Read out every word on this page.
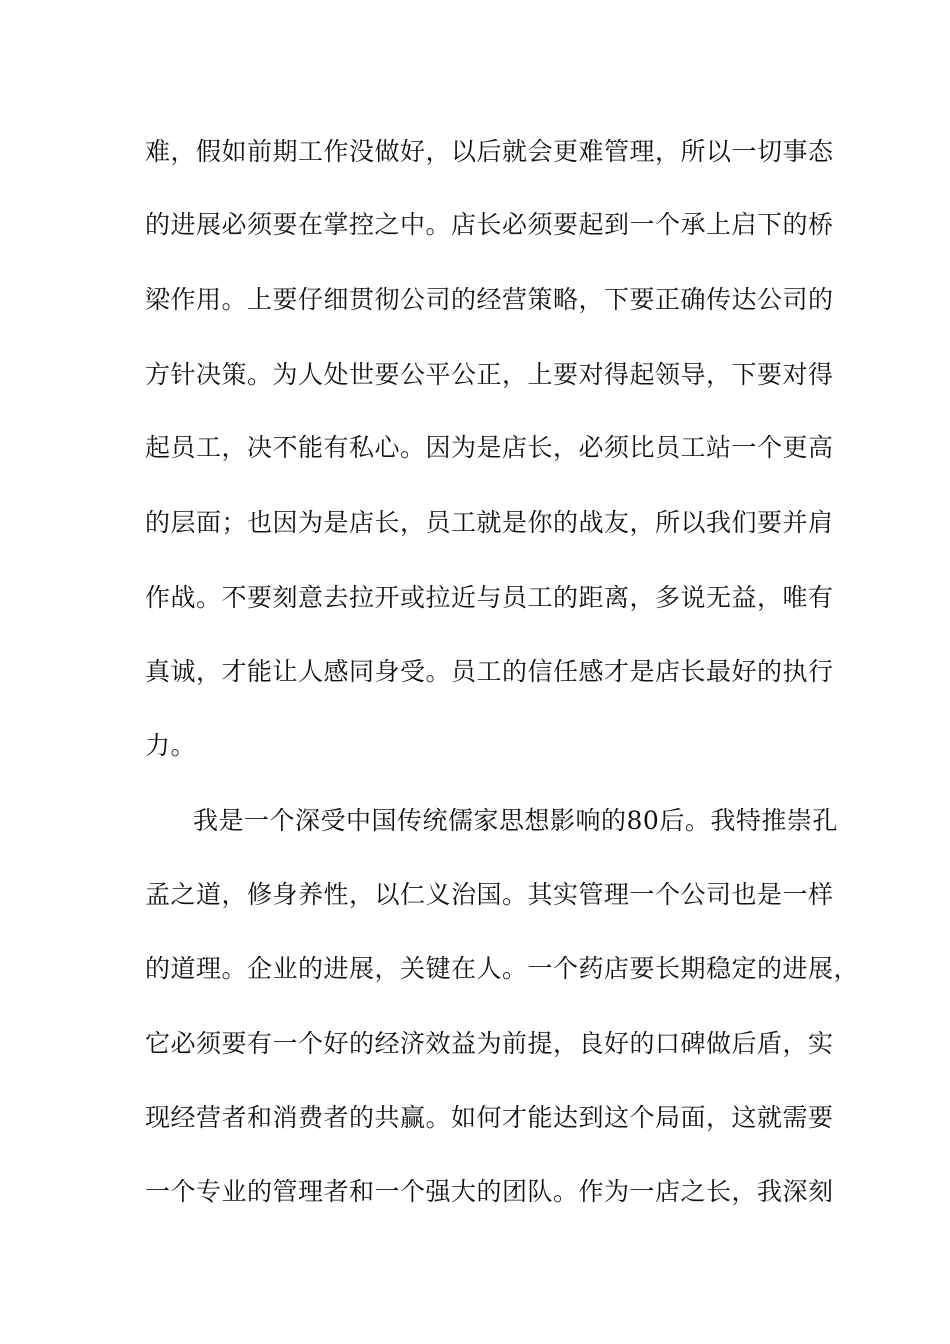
难，假如前期工作没做好，以后就会更难管理，所以一切事态
的进展必须要在掌控之中。店长必须要起到一个承上启下的桥
梁作用。上要仔细贯彻公司的经营策略，下要正确传达公司的
方针决策。为人处世要公平公正，上要对得起领导，下要对得
起员工，决不能有私心。因为是店长，必须比员工站一个更高
的层面；也因为是店长，员工就是你的战友，所以我们要并肩
作战。不要刻意去拉开或拉近与员工的距离，多说无益，唯有
真诚，才能让人感同身受。员工的信任感才是店长最好的执行
力。
我是一个深受中国传统儒家思想影响的80后。我特推崇孔
孟之道，修身养性，以仁义治国。其实管理一个公司也是一样
的道理。企业的进展，关键在人。一个药店要长期稳定的进展，
它必须要有一个好的经济效益为前提，良好的口碑做后盾，实
现经营者和消费者的共赢。如何才能达到这个局面，这就需要
一个专业的管理者和一个强大的团队。作为一店之长，我深刻
